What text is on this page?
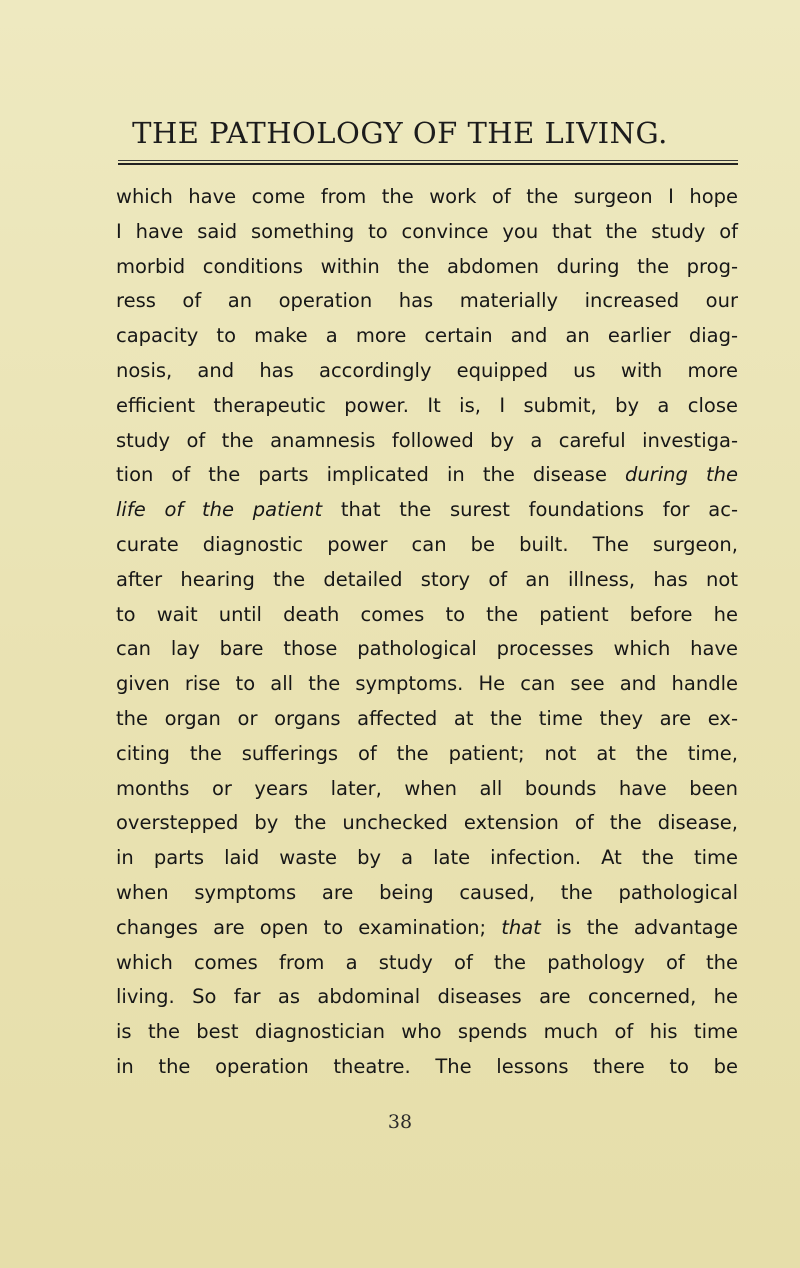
THE PATHOLOGY OF THE LIVING.
which have come from the work of the surgeon I hope
I have said something to convince you that the study of
morbid conditions within the abdomen during the prog-
ress of an operation has materially increased our
capacity to make a more certain and an earlier diag-
nosis, and has accordingly equipped us with more
efficient therapeutic power. It is, I submit, by a close
study of the anamnesis followed by a careful investiga-
tion of the parts implicated in the disease during the
life of the patient that the surest foundations for ac-
curate diagnostic power can be built. The surgeon,
after hearing the detailed story of an illness, has not
to wait until death comes to the patient before he
can lay bare those pathological processes which have
given rise to all the symptoms. He can see and handle
the organ or organs affected at the time they are ex-
citing the sufferings of the patient; not at the time,
months or years later, when all bounds have been
overstepped by the unchecked extension of the disease,
in parts laid waste by a late infection. At the time
when symptoms are being caused, the pathological
changes are open to examination; that is the advantage
which comes from a study of the pathology of the
living. So far as abdominal diseases are concerned, he
is the best diagnostician who spends much of his time
in the operation theatre. The lessons there to be
38
